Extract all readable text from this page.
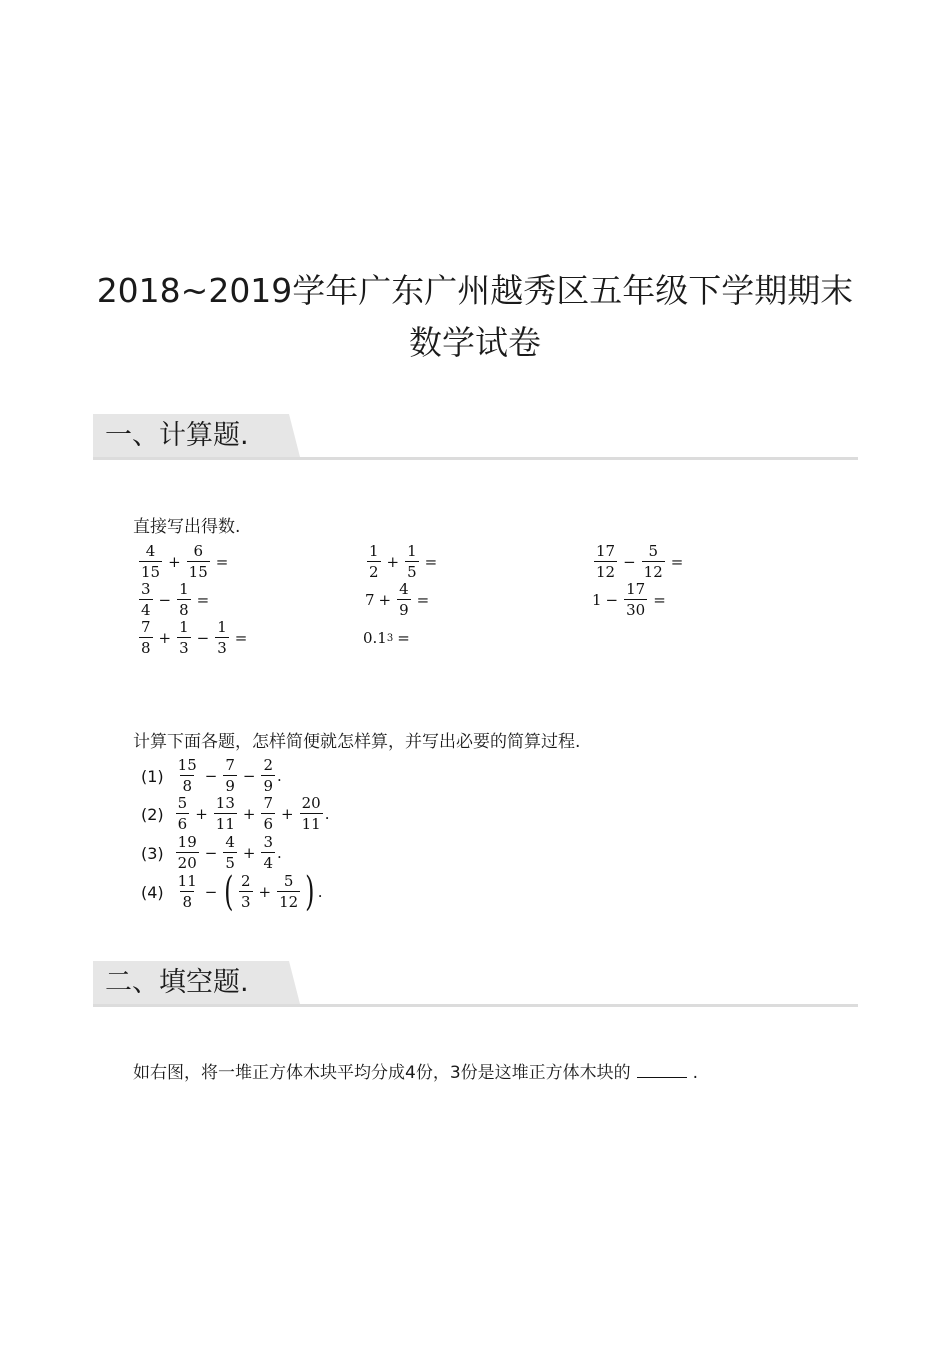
2018~2019学年广东广州越秀区五年级下学期期末
数学试卷
一、计算题.
直接写出得数.
$\frac{4}{15} + \frac{6}{15}$ =	$\frac{1}{2} + \frac{1}{5}$ =	$\frac{17}{12} - \frac{5}{12}$ =
$\frac{3}{4} - \frac{1}{8}$ =	$7 + \frac{4}{9}$ =	$1 - \frac{17}{30}$ =
$\frac{7}{8} + \frac{1}{3} - \frac{1}{3}$ =	0.1 3 =
计算下面各题，怎样简便就怎样算，并写出必要的简算过程.
$(1) \frac{15}{8} - \frac{7}{9} - \frac{2}{9}$ .
$(2) \frac{5}{6} + \frac{13}{11} + \frac{7}{6} + \frac{20}{11}$ .
$(3) \frac{19}{20} - \frac{4}{5} + \frac{3}{4}$ .
$(4) \frac{11}{8}$ − ( $\frac{2}{3} + \frac{5}{12}$ ) .
二、填空题.
如右图，将一堆正方体木块平均分成4份，3份是这堆正方体木块的	.
